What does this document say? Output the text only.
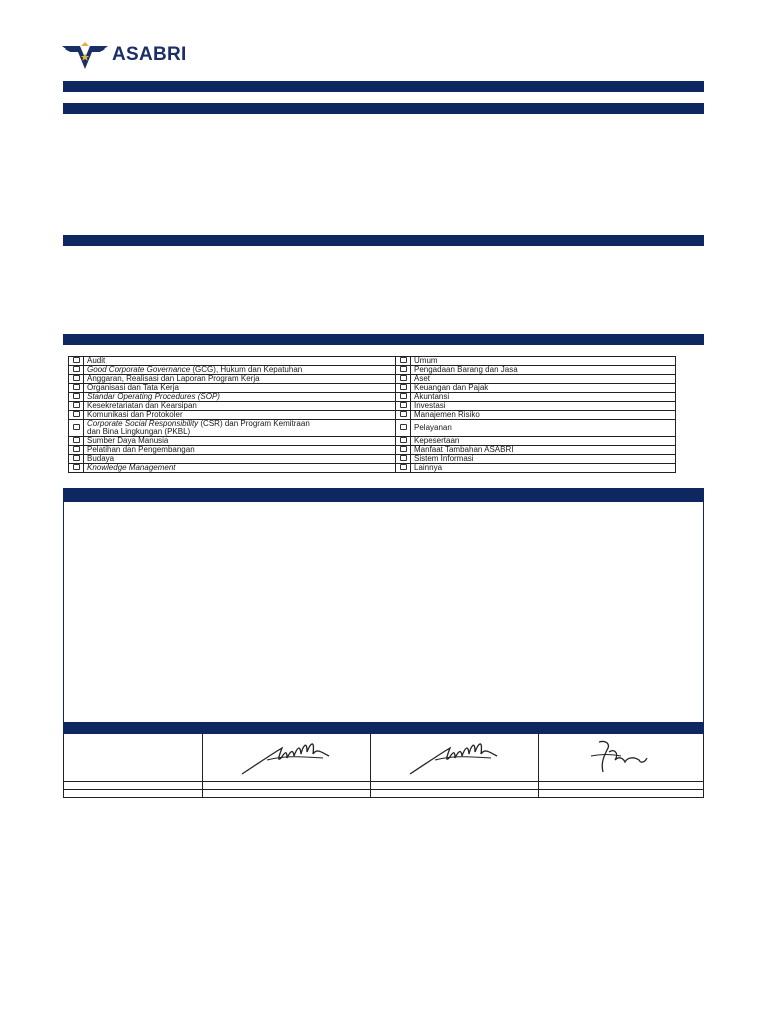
ASABRI
	Audit		Umum
	Good Corporate Governance (GCG), Hukum dan Kepatuhan		Pengadaan Barang dan Jasa
	Anggaran, Realisasi dan Laporan Program Kerja		Aset
	Organisasi dan Tata Kerja		Keuangan dan Pajak
	Standar Operating Procedures (SOP)		Akuntansi
	Kesekretariatan dan Kearsipan		Investasi
	Komunikasi dan Protokoler		Manajemen Risiko
	Corporate Social Responsibility (CSR) dan Program Kemitraan
dan Bina Lingkungan (PKBL)		Pelayanan
	Sumber Daya Manusia		Kepesertaan
	Pelatihan dan Pengembangan		Manfaat Tambahan ASABRI
	Budaya		Sistem Informasi
	Knowledge Management		Lainnya
